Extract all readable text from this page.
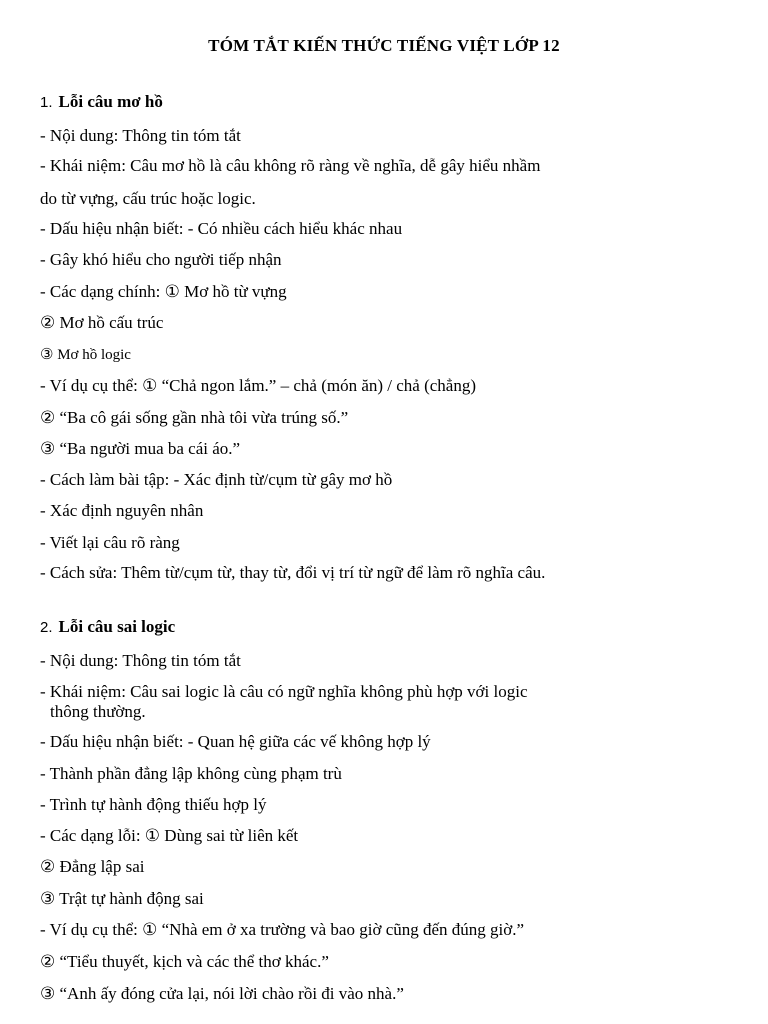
TÓM TẮT KIẾN THỨC TIẾNG VIỆT LỚP 12
1. Lỗi câu mơ hồ
- Nội dung: Thông tin tóm tắt
- Khái niệm: Câu mơ hồ là câu không rõ ràng về nghĩa, dễ gây hiểu nhầm
do từ vựng, cấu trúc hoặc logic.
- Dấu hiệu nhận biết: - Có nhiều cách hiểu khác nhau
- Gây khó hiểu cho người tiếp nhận
- Các dạng chính: ① Mơ hồ từ vựng
② Mơ hồ cấu trúc
③ Mơ hồ logic
- Ví dụ cụ thể: ① “Chả ngon lắm.” – chả (món ăn) / chả (chẳng)
② “Ba cô gái sống gần nhà tôi vừa trúng số.”
③ “Ba người mua ba cái áo.”
- Cách làm bài tập: - Xác định từ/cụm từ gây mơ hồ
- Xác định nguyên nhân
- Viết lại câu rõ ràng
- Cách sửa: Thêm từ/cụm từ, thay từ, đổi vị trí từ ngữ để làm rõ nghĩa câu.
2. Lỗi câu sai logic
- Nội dung: Thông tin tóm tắt
- Khái niệm: Câu sai logic là câu có ngữ nghĩa không phù hợp với logic
thông thường.
- Dấu hiệu nhận biết: - Quan hệ giữa các vế không hợp lý
- Thành phần đẳng lập không cùng phạm trù
- Trình tự hành động thiếu hợp lý
- Các dạng lỗi: ① Dùng sai từ liên kết
② Đẳng lập sai
③ Trật tự hành động sai
- Ví dụ cụ thể: ① “Nhà em ở xa trường và bao giờ cũng đến đúng giờ.”
② “Tiểu thuyết, kịch và các thể thơ khác.”
③ “Anh ấy đóng cửa lại, nói lời chào rồi đi vào nhà.”
